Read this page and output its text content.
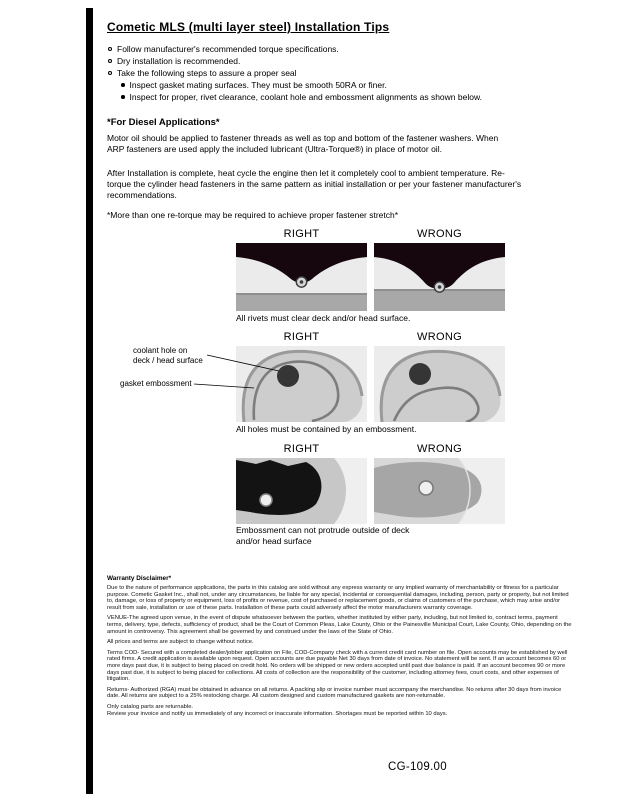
Cometic MLS (multi layer steel) Installation Tips
Follow manufacturer's recommended torque specifications.
Dry installation is recommended.
Take the following steps to assure a proper seal
Inspect gasket mating surfaces. They must be smooth 50RA or finer.
Inspect for proper, rivet clearance, coolant hole and embossment alignments as shown below.
*For Diesel Applications*

Motor oil should be applied to fastener threads as well as top and bottom of the fastener washers. When ARP fasteners are used apply the included lubricant (Ultra-Torque®) in place of motor oil.

After Installation is complete, heat cycle the engine then let it completely cool to ambient temperature. Re-torque the cylinder head fasteners in the same pattern as initial installation or per your fastener manufacturer's recommendations.

*More than one re-torque may be required to achieve proper fastener stretch*

RIGHT	WRONG
All rivets must clear deck and/or head surface.
RIGHT	WRONG
coolant hole on
deck / head surface
gasket embossment
All holes must be contained by an embossment.
RIGHT	WRONG
Embossment can not protrude outside of deck and/or head surface
Warranty Disclaimer*

Due to the nature of performance applications, the parts in this catalog are sold without any express warranty or any implied warranty of merchantability or fitness for a particular purpose. Cometic Gasket Inc., shall not, under any circumstances, be liable for any special, incidental or consequential damages, including, person, party or property, but not limited to, damage, or loss of property or equipment, loss of profits or revenue, cost of purchased or replacement goods, or claims of customers of the purchase, which may arise and/or result from sale, installation or use of these parts. Installation of these parts could adversely affect the motor manufacturers warranty coverage.

VENUE-The agreed upon venue, in the event of dispute whatsoever between the parties, whether instituted by either party, including, but not limited to, contract terms, payment terms, delivery, type, defects, sufficiency of product, shall be the Court of Common Pleas, Lake County, Ohio or the Painesville Municipal Court, Lake County, Ohio, depending on the amount in controversy. This agreement shall be governed by and construed under the laws of the State of Ohio.

All prices and terms are subject to change without notice.

Terms COD- Secured with a completed dealer/jobber application on File, COD-Company check with a current credit card number on file. Open accounts may be established by well rated firms. A credit application is available upon request. Open accounts are due payable Net 30 days from date of invoice. No statement will be sent. If an account becomes 60 or more days past due, it is subject to being placed on credit hold. No orders will be shipped or new orders accepted until past due balance is paid. If an account becomes 90 or more days past due, it is subject to being placed for collections. All costs of collection are the responsibility of the customer, including attorney fees, court costs, and other expenses of litigation.

Returns- Authorized (RGA) must be obtained in advance on all returns. A packing slip or invoice number must accompany the merchandise. No returns after 30 days from invoice date. All returns are subject to a 25% restocking charge. All custom designed and custom manufactured gaskets are non-returnable.

Only catalog parts are returnable.

Review your invoice and notify us immediately of any incorrect or inaccurate information. Shortages must be reported within 10 days.

CG-109.00
